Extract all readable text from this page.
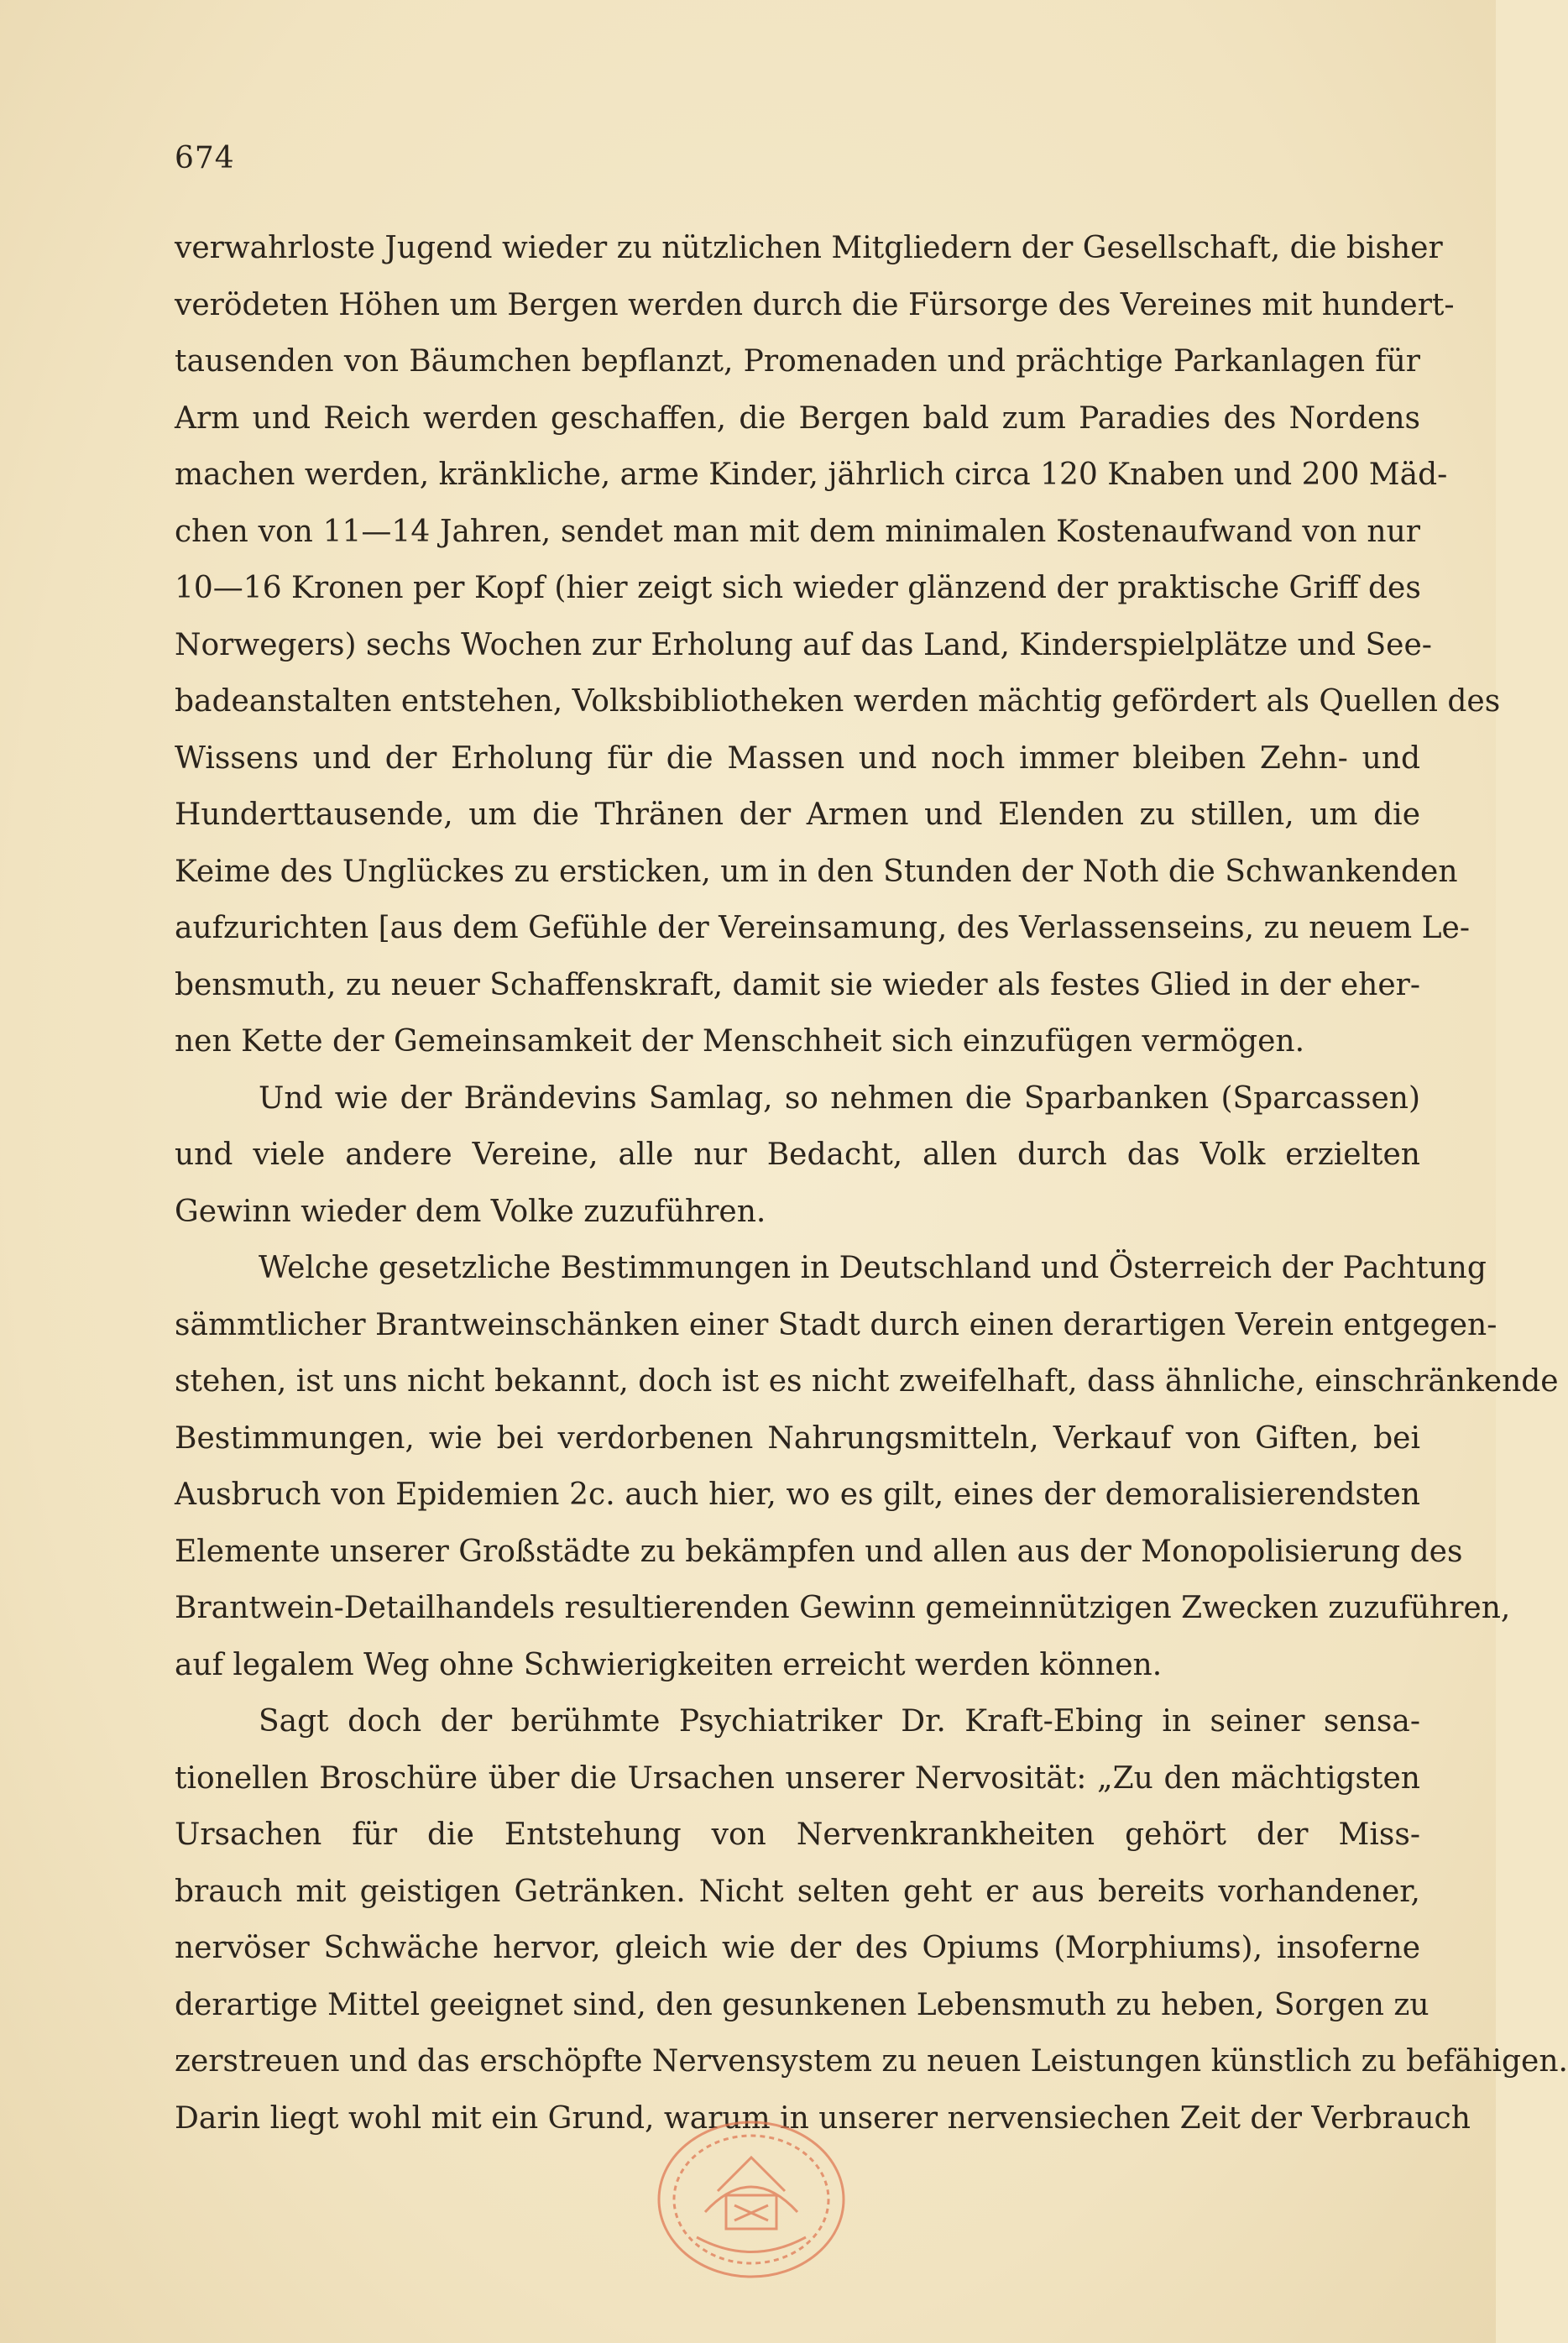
674
verwahrloste Jugend wieder zu nützlichen Mitgliedern der Gesellschaft, die bisher
verödeten Höhen um Bergen werden durch die Fürsorge des Vereines mit hundert-
tausenden von Bäumchen bepflanzt, Promenaden und prächtige Parkanlagen für
Arm und Reich werden geschaffen, die Bergen bald zum Paradies des Nordens
machen werden, kränkliche, arme Kinder, jährlich circa 120 Knaben und 200 Mäd-
chen von 11—14 Jahren, sendet man mit dem minimalen Kostenaufwand von nur
10—16 Kronen per Kopf (hier zeigt sich wieder glänzend der praktische Griff des
Norwegers) sechs Wochen zur Erholung auf das Land, Kinderspielplätze und See-
badeanstalten entstehen, Volksbibliotheken werden mächtig gefördert als Quellen des
Wissens und der Erholung für die Massen und noch immer bleiben Zehn- und
Hunderttausende, um die Thränen der Armen und Elenden zu stillen, um die
Keime des Unglückes zu ersticken, um in den Stunden der Noth die Schwankenden
aufzurichten [aus dem Gefühle der Vereinsamung, des Verlassenseins, zu neuem Le-
bensmuth, zu neuer Schaffenskraft, damit sie wieder als festes Glied in der eher-
nen Kette der Gemeinsamkeit der Menschheit sich einzufügen vermögen.
Und wie der Brändevins Samlag, so nehmen die Sparbanken (Sparcassen)
und viele andere Vereine, alle nur Bedacht, allen durch das Volk erzielten
Gewinn wieder dem Volke zuzuführen.
Welche gesetzliche Bestimmungen in Deutschland und Österreich der Pachtung
sämmtlicher Brantweinschänken einer Stadt durch einen derartigen Verein entgegen-
stehen, ist uns nicht bekannt, doch ist es nicht zweifelhaft, dass ähnliche, einschränkende
Bestimmungen, wie bei verdorbenen Nahrungsmitteln, Verkauf von Giften, bei
Ausbruch von Epidemien 2c. auch hier, wo es gilt, eines der demoralisierendsten
Elemente unserer Großstädte zu bekämpfen und allen aus der Monopolisierung des
Brantwein-Detailhandels resultierenden Gewinn gemeinnützigen Zwecken zuzuführen,
auf legalem Weg ohne Schwierigkeiten erreicht werden können.
Sagt doch der berühmte Psychiatriker Dr. Kraft-Ebing in seiner sensa-
tionellen Broschüre über die Ursachen unserer Nervosität: „Zu den mächtigsten
Ursachen für die Entstehung von Nervenkrankheiten gehört der Miss-
brauch mit geistigen Getränken. Nicht selten geht er aus bereits vorhandener,
nervöser Schwäche hervor, gleich wie der des Opiums (Morphiums), insoferne
derartige Mittel geeignet sind, den gesunkenen Lebensmuth zu heben, Sorgen zu
zerstreuen und das erschöpfte Nervensystem zu neuen Leistungen künstlich zu befähigen.
Darin liegt wohl mit ein Grund, warum in unserer nervensiechen Zeit der Verbrauch
